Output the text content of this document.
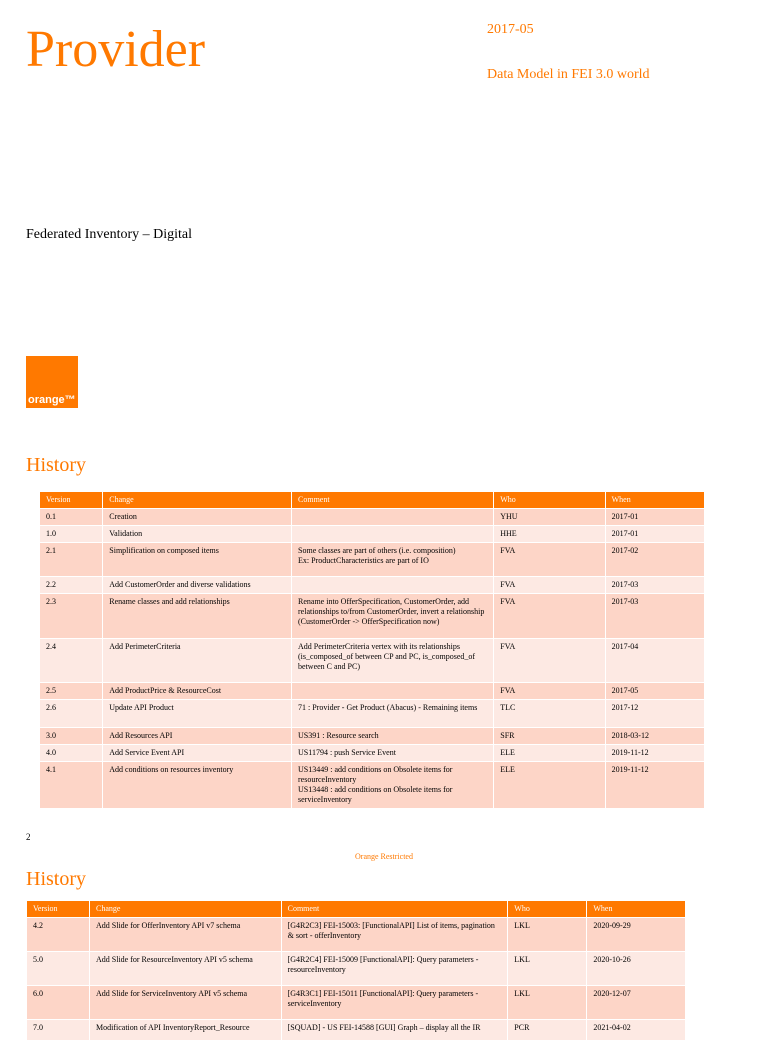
Provider	2017-05
Data Model in FEI 3.0 world
Federated Inventory – Digital
orange™
History
Version	Change	Comment	Who	When
0.1	Creation		YHU	2017-01
1.0	Validation		HHE	2017-01
2.1	Simplification on composed items	Some classes are part of others (i.e. composition)
Ex: ProductCharacteristics are part of IO	FVA	2017-02
2.2	Add CustomerOrder and diverse validations		FVA	2017-03
2.3	Rename classes and add relationships	Rename into OfferSpecification, CustomerOrder, add relationships to/from CustomerOrder, invert a relationship (CustomerOrder -> OfferSpecification now)	FVA	2017-03
2.4	Add PerimeterCriteria	Add PerimeterCriteria vertex with its relationships (is_composed_of between CP and PC, is_composed_of between C and PC)	FVA	2017-04
2.5	Add ProductPrice & ResourceCost		FVA	2017-05
2.6	Update API Product	71 : Provider - Get Product (Abacus) - Remaining items	TLC	2017-12
3.0	Add Resources API	US391 : Resource search	SFR	2018-03-12
4.0	Add Service Event API	US11794 : push Service Event	ELE	2019-11-12
4.1	Add conditions on resources inventory	US13449 : add conditions on Obsolete items for resourceInventory
US13448 : add conditions on Obsolete items for serviceInventory	ELE	2019-11-12
2
Orange Restricted
History
Version	Change	Comment	Who	When
4.2	Add Slide for OfferInventory API v7 schema	[G4R2C3] FEI-15003: [FunctionalAPI] List of items, pagination & sort - offerInventory	LKL	2020-09-29
5.0	Add Slide for ResourceInventory API v5 schema	[G4R2C4] FEI-15009 [FunctionalAPI]: Query parameters - resourceInventory	LKL	2020-10-26
6.0	Add Slide for ServiceInventory API v5 schema	[G4R3C1] FEI-15011 [FunctionalAPI]: Query parameters - serviceInventory	LKL	2020-12-07
7.0	Modification of API InventoryReport_Resource	[SQUAD] - US FEI-14588 [GUI] Graph – display all the IR	PCR	2021-04-02
